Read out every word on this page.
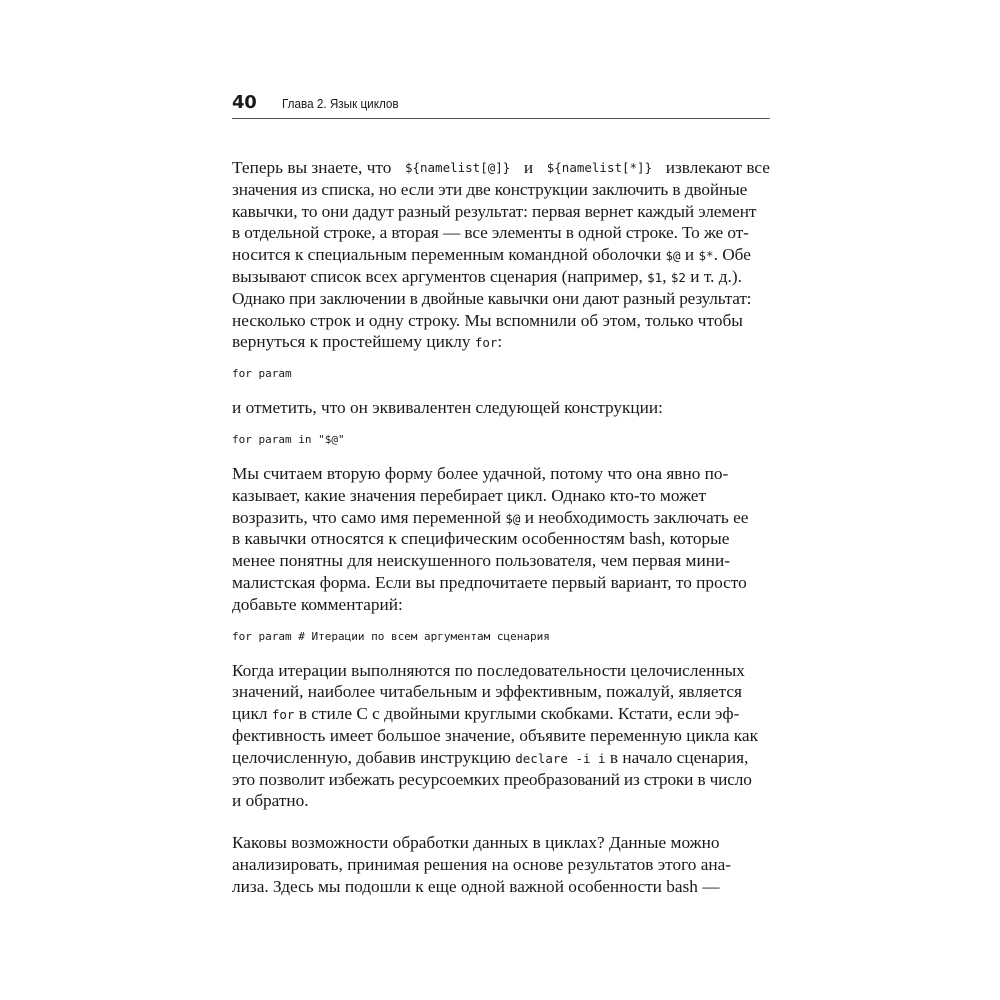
40	Глава 2. Язык циклов
Теперь вы знаете, что ${namelist[@]} и ${namelist[*]} извлекают все
значения из списка, но если эти две конструкции заключить в двойные
кавычки, то они дадут разный результат: первая вернет каждый элемент
в отдельной строке, а вторая — все элементы в одной строке. То же от-
носится к специальным переменным командной оболочки $@ и $*. Обе
вызывают список всех аргументов сценария (например, $1, $2 и т. д.).
Однако при заключении в двойные кавычки они дают разный результат:
несколько строк и одну строку. Мы вспомнили об этом, только чтобы
вернуться к простейшему циклу for:
for param
и отметить, что он эквивалентен следующей конструкции:
for param in "$@"
Мы считаем вторую форму более удачной, потому что она явно по-
казывает, какие значения перебирает цикл. Однако кто-то может
возразить, что само имя переменной $@ и необходимость заключать ее
в кавычки относятся к специфическим особенностям bash, которые
менее понятны для неискушенного пользователя, чем первая мини-
малистская форма. Если вы предпочитаете первый вариант, то просто
добавьте комментарий:
for param # Итерации по всем аргументам сценария
Когда итерации выполняются по последовательности целочисленных
значений, наиболее читабельным и эффективным, пожалуй, является
цикл for в стиле C с двойными круглыми скобками. Кстати, если эф-
фективность имеет большое значение, объявите переменную цикла как
целочисленную, добавив инструкцию declare -i i в начало сценария,
это позволит избежать ресурсоемких преобразований из строки в число
и обратно.
Каковы возможности обработки данных в циклах? Данные можно
анализировать, принимая решения на основе результатов этого ана-
лиза. Здесь мы подошли к еще одной важной особенности bash —
